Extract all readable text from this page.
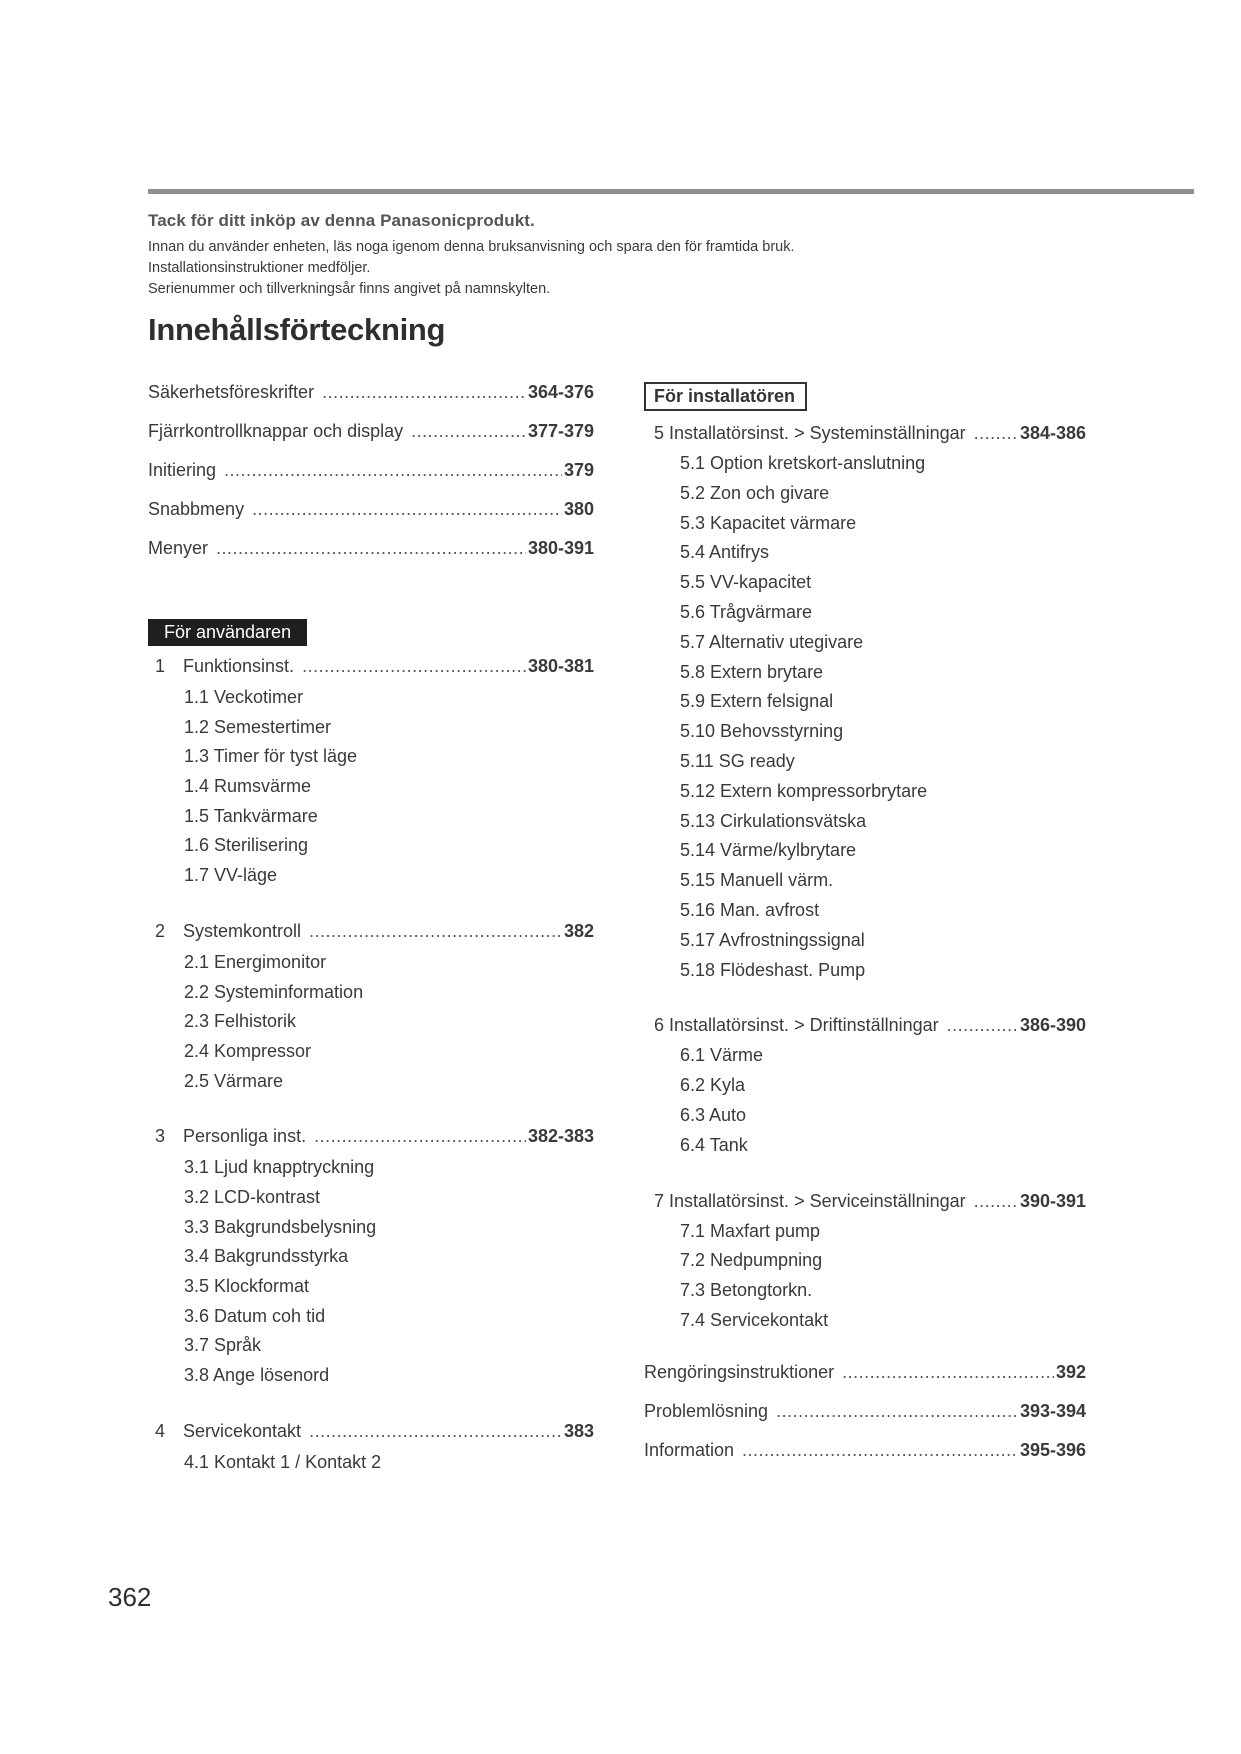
Tack för ditt inköp av denna Panasonicprodukt.
Innan du använder enheten, läs noga igenom denna bruksanvisning och spara den för framtida bruk.
Installationsinstruktioner medföljer.
Serienummer och tillverkningsår finns angivet på namnskylten.
Innehållsförteckning
Säkerhetsföreskrifter .....	364-376
Fjärrkontrollknappar och display .....	377-379
Initiering .....	379
Snabbmeny .....	380
Menyer .....	380-391
För användaren
1 Funktionsinst. .....	380-381
1.1 Veckotimer
1.2 Semestertimer
1.3 Timer för tyst läge
1.4 Rumsvärme
1.5 Tankvärmare
1.6 Sterilisering
1.7 VV-läge
2 Systemkontroll .....	382
2.1 Energimonitor
2.2 Systeminformation
2.3 Felhistorik
2.4 Kompressor
2.5 Värmare
3 Personliga inst. .....	382-383
3.1 Ljud knapptryckning
3.2 LCD-kontrast
3.3 Bakgrundsbelysning
3.4 Bakgrundsstyrka
3.5 Klockformat
3.6 Datum coh tid
3.7 Språk
3.8 Ange lösenord
4 Servicekontakt .....	383
4.1 Kontakt 1 / Kontakt 2
För installatören
5 Installatörsinst. > Systeminställningar .....	384-386
5.1 Option kretskort-anslutning
5.2 Zon och givare
5.3 Kapacitet värmare
5.4 Antifrys
5.5 VV-kapacitet
5.6 Trågvärmare
5.7 Alternativ utegivare
5.8 Extern brytare
5.9 Extern felsignal
5.10 Behovsstyrning
5.11 SG ready
5.12 Extern kompressorbrytare
5.13 Cirkulationsvätska
5.14 Värme/kylbrytare
5.15 Manuell värm.
5.16 Man. avfrost
5.17 Avfrostningssignal
5.18 Flödeshast. Pump
6 Installatörsinst. > Driftinställningar .....	386-390
6.1 Värme
6.2 Kyla
6.3 Auto
6.4 Tank
7 Installatörsinst. > Serviceinställningar .....	390-391
7.1 Maxfart pump
7.2 Nedpumpning
7.3 Betongtorkn.
7.4 Servicekontakt
Rengöringsinstruktioner .....	392
Problemlösning .....	393-394
Information .....	395-396
362
